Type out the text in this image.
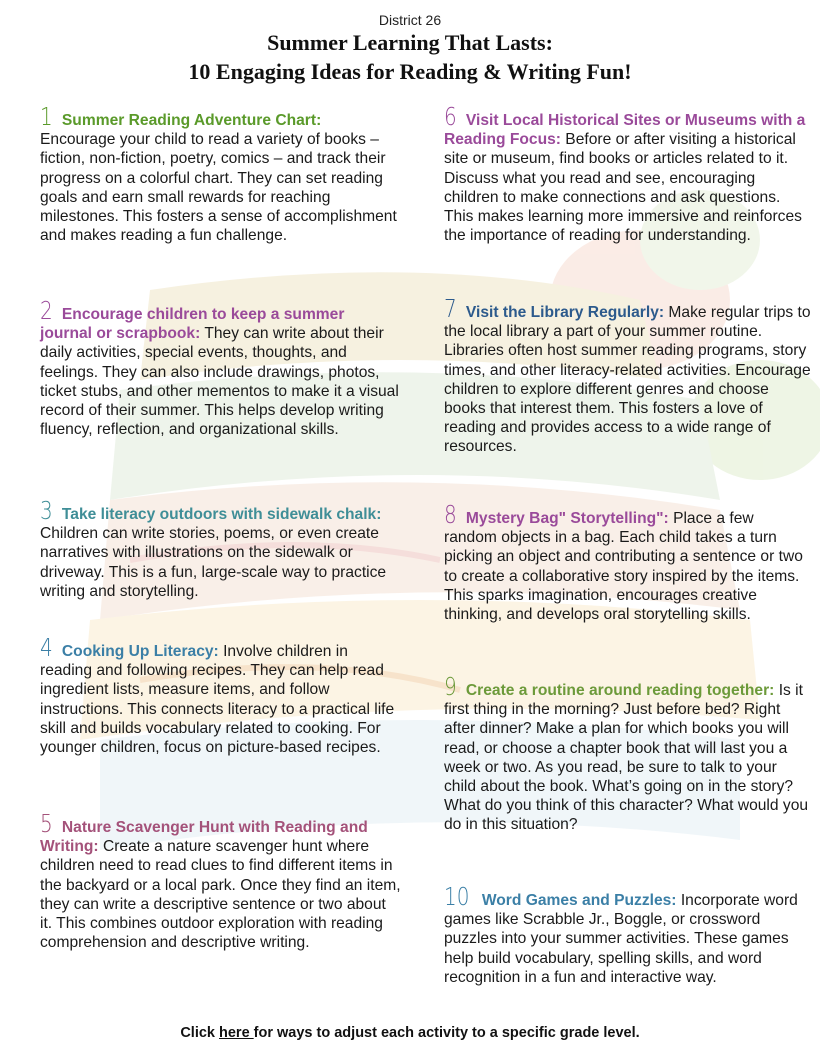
District 26
Summer Learning That Lasts:
10 Engaging Ideas for Reading & Writing Fun!
1 Summer Reading Adventure Chart: Encourage your child to read a variety of books – fiction, non-fiction, poetry, comics – and track their progress on a colorful chart. They can set reading goals and earn small rewards for reaching milestones. This fosters a sense of accomplishment and makes reading a fun challenge.
2 Encourage children to keep a summer journal or scrapbook: They can write about their daily activities, special events, thoughts, and feelings. They can also include drawings, photos, ticket stubs, and other mementos to make it a visual record of their summer. This helps develop writing fluency, reflection, and organizational skills.
3 Take literacy outdoors with sidewalk chalk: Children can write stories, poems, or even create narratives with illustrations on the sidewalk or driveway. This is a fun, large-scale way to practice writing and storytelling.
4 Cooking Up Literacy: Involve children in reading and following recipes. They can help read ingredient lists, measure items, and follow instructions. This connects literacy to a practical life skill and builds vocabulary related to cooking. For younger children, focus on picture-based recipes.
5 Nature Scavenger Hunt with Reading and Writing: Create a nature scavenger hunt where children need to read clues to find different items in the backyard or a local park. Once they find an item, they can write a descriptive sentence or two about it. This combines outdoor exploration with reading comprehension and descriptive writing.
6 Visit Local Historical Sites or Museums with a Reading Focus: Before or after visiting a historical site or museum, find books or articles related to it. Discuss what you read and see, encouraging children to make connections and ask questions. This makes learning more immersive and reinforces the importance of reading for understanding.
7 Visit the Library Regularly: Make regular trips to the local library a part of your summer routine. Libraries often host summer reading programs, story times, and other literacy-related activities. Encourage children to explore different genres and choose books that interest them. This fosters a love of reading and provides access to a wide range of resources.
8 Mystery Bag" Storytelling": Place a few random objects in a bag. Each child takes a turn picking an object and contributing a sentence or two to create a collaborative story inspired by the items. This sparks imagination, encourages creative thinking, and develops oral storytelling skills.
9 Create a routine around reading together: Is it first thing in the morning? Just before bed? Right after dinner? Make a plan for which books you will read, or choose a chapter book that will last you a week or two. As you read, be sure to talk to your child about the book. What’s going on in the story? What do you think of this character? What would you do in this situation?
10 Word Games and Puzzles: Incorporate word games like Scrabble Jr., Boggle, or crossword puzzles into your summer activities. These games help build vocabulary, spelling skills, and word recognition in a fun and interactive way.
Click here for ways to adjust each activity to a specific grade level.
